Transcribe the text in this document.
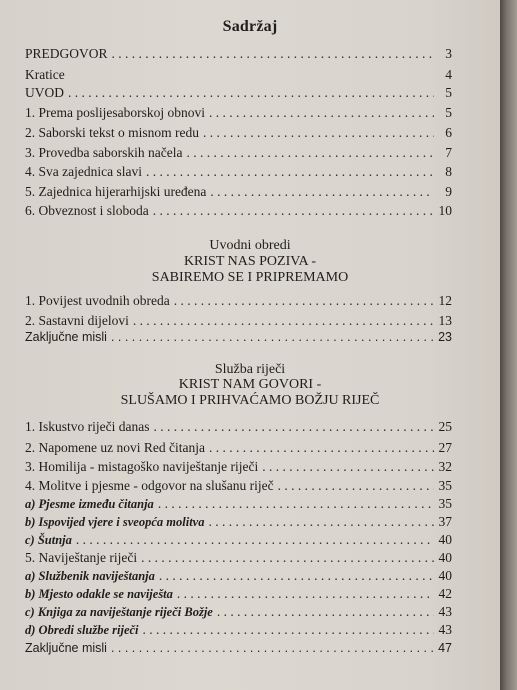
Sadržaj
PREDGOVOR . . .	3
Kratice	4
UVOD . . .	5
1. Prema poslijesaborskoj obnovi . . .	5
2. Saborski tekst o misnom redu . . .	6
3. Provedba saborskih načela . . .	7
4. Sva zajednica slavi . . .	8
5. Zajednica hijerarhijski uređena . . .	9
6. Obveznost i sloboda . . .	10
Uvodni obredi
KRIST NAS POZIVA -
SABIREMO SE I PRIPREMAMO
1. Povijest uvodnih obreda . . .	12
2. Sastavni dijelovi . . .	13
Zaključne misli . . .	23
Služba riječi
KRIST NAM GOVORI -
SLUŠAMO I PRIHVAĆAMO BOŽJU RIJEČ
1. Iskustvo riječi danas . . .	25
2. Napomene uz novi Red čitanja . . .	27
3. Homilija - mistagoško naviještanje riječi . . .	32
4. Molitve i pjesme - odgovor na slušanu riječ . . .	35
a) Pjesme između čitanja . . .	35
b) Ispovijed vjere i sveopća molitva . . .	37
c) Šutnja . . .	40
5. Naviještanje riječi . . .	40
a) Službenik naviještanja . . .	40
b) Mjesto odakle se naviješta . . .	42
c) Knjiga za naviještanje riječi Božje . . .	43
d) Obredi službe riječi . . .	43
Zaključne misli . . .	47
